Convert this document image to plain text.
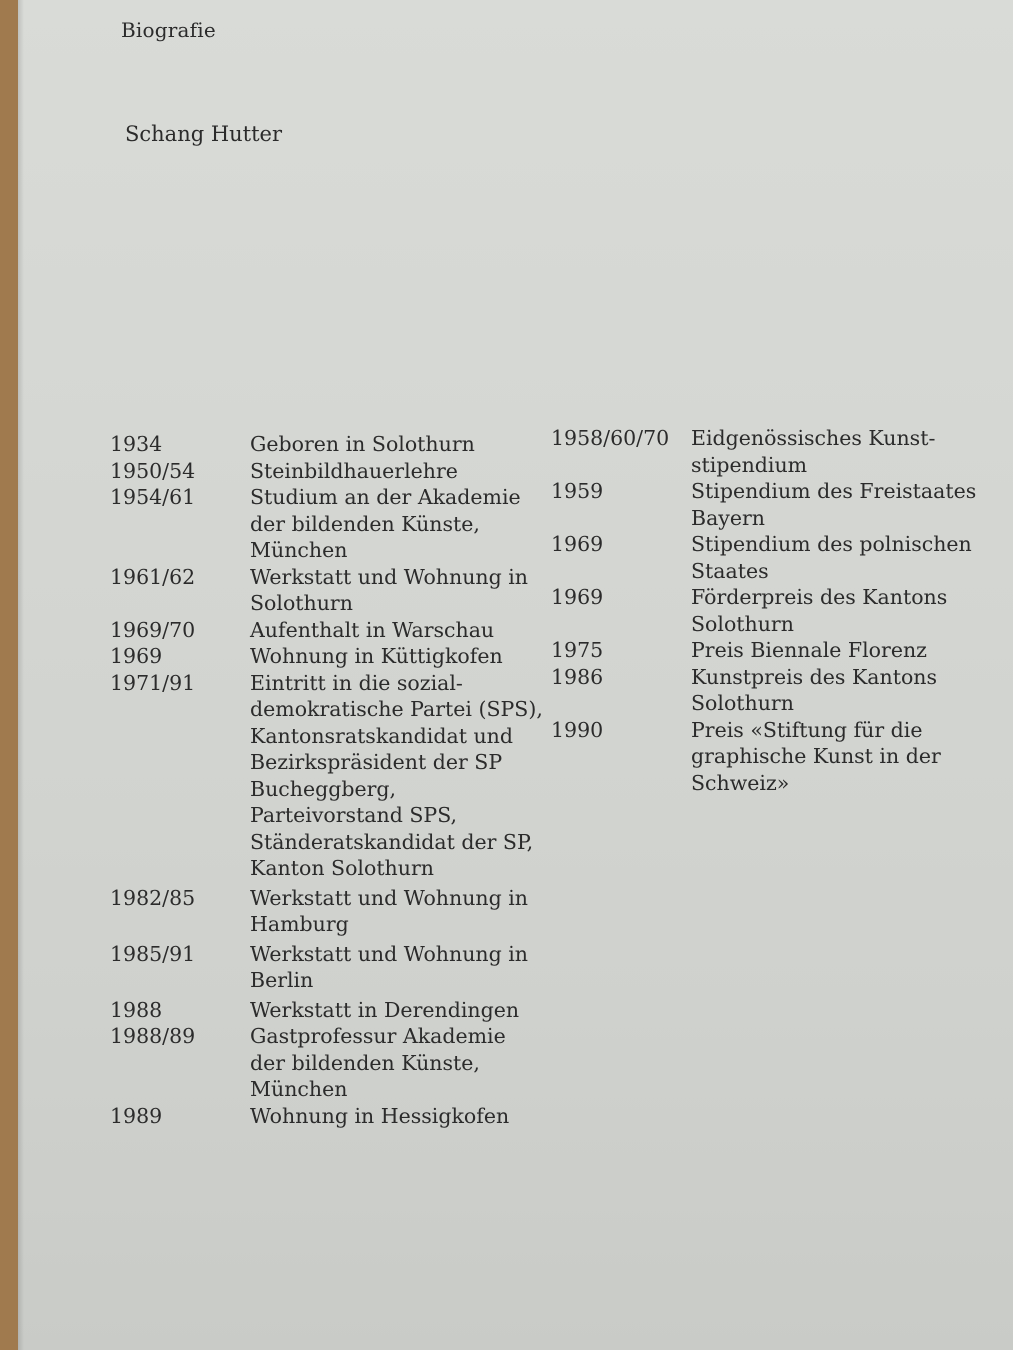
Biografie
Schang Hutter
1934	Geboren in Solothurn
1950/54	Steinbildhauerlehre
1954/61	Studium an der Akademie
der bildenden Künste,
München
1961/62	Werkstatt und Wohnung in
Solothurn
1969/70	Aufenthalt in Warschau
1969	Wohnung in Küttigkofen
1971/91	Eintritt in die sozial-
demokratische Partei (SPS),
Kantonsratskandidat und
Bezirkspräsident der SP
Bucheggberg,
Parteivorstand SPS,
Ständeratskandidat der SP,
Kanton Solothurn
1982/85	Werkstatt und Wohnung in
Hamburg
1985/91	Werkstatt und Wohnung in
Berlin
1988	Werkstatt in Derendingen
1988/89	Gastprofessur Akademie
der bildenden Künste,
München
1989	Wohnung in Hessigkofen
1958/60/70	Eidgenössisches Kunst-
stipendium
1959	Stipendium des Freistaates
Bayern
1969	Stipendium des polnischen
Staates
1969	Förderpreis des Kantons
Solothurn
1975	Preis Biennale Florenz
1986	Kunstpreis des Kantons
Solothurn
1990	Preis «Stiftung für die
graphische Kunst in der
Schweiz»
